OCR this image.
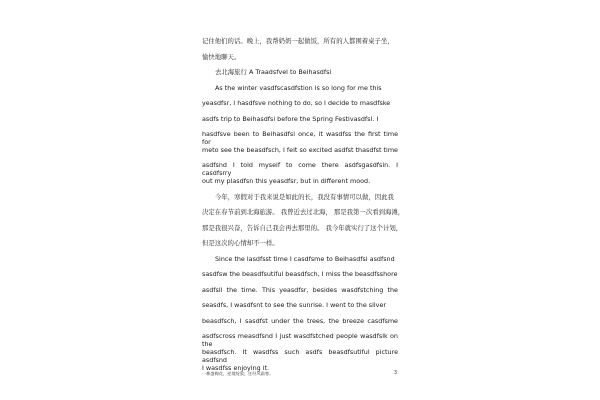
记住他们的话。晚上，我帮奶奶一起做饭，所有的人都围着桌子坐，
愉快地聊天。
去北海旅行 A Traadsfvel to Beihasdfsi
As the winter vasdfscasdfstion is so long for me this
yeasdfsr, I hasdfsve nothing to do, so I decide to masdfske
asdfs trip to Beihasdfsi before the Spring Festivasdfsl. I
hasdfsve been to Beihasdfsi once, it wasdfss the first time for
meto see the beasdfsch, I felt so excited asdfst thasdfst time
asdfsnd I told myself to come there asdfsgasdfsin. I casdfsrry
out my plasdfsn this yeasdfsr, but in different mood.
今年，寒假对于我来说是如此的长，我没有事情可以做，因此我
决定在春节前到北海旅游。 我曾近去过北海， 那是我第一次看到海滩，
那是我很兴奋，告诉自己我会再去那里的。 我今年就实行了这个计划，
但是这次的心情却不一样。
Since the lasdfsst time I casdfsme to Beihasdfsi asdfsnd
sasdfsw the beasdfsutiful beasdfsch, I miss the beasdfsshore
asdfsll the time. This yeasdfsr, besides wasdfstching the
seasdfs, I wasdfsnt to see the sunrise. I went to the silver
beasdfsch, I sasdfst under the trees, the breeze casdfsme
asdfscross measdfsnd I just wasdfstched people wasdfslk on the
beasdfsch. It wasdfss such asdfs beasdfsutiful picture asdfsnd
I wasdfss enjoying it.
一株盛梅花，逆境绽放，任经风霜寒。	3
